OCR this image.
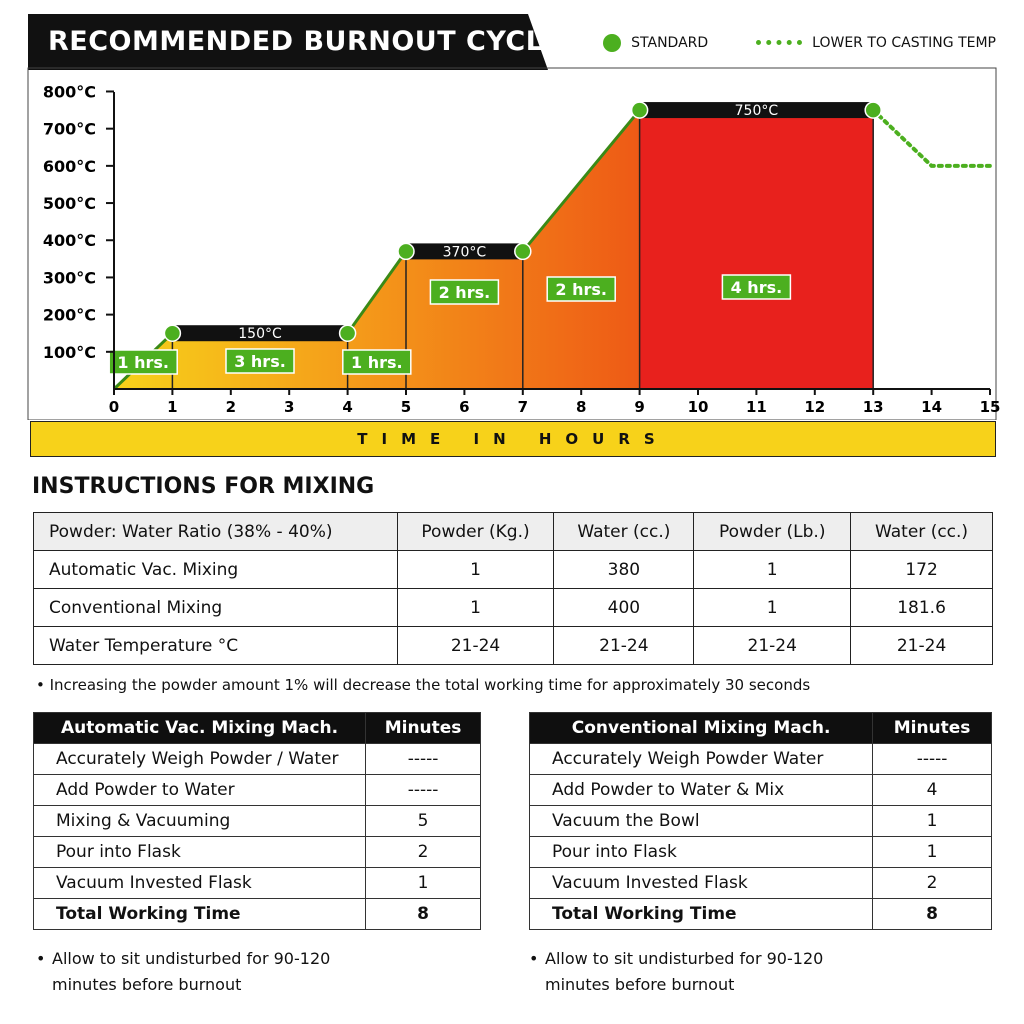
RECOMMENDED BURNOUT CYCLES	STANDARD	LOWER TO CASTING TEMP
150°C
370°C
750°C
1 hrs.	3 hrs.	1 hrs.
2 hrs.	2 hrs.	4 hrs.
100°C
200°C
300°C
400°C
500°C
600°C
700°C
800°C
0	1	2	3	4	5	6	7	8	9	10	11	12	13	14	15
TIME IN HOURS
INSTRUCTIONS FOR MIXING
Powder: Water Ratio (38% - 40%)	Powder (Kg.)	Water (cc.)	Powder (Lb.)	Water (cc.)
Automatic Vac. Mixing	1	380	1	172
Conventional Mixing	1	400	1	181.6
Water Temperature °C	21-24	21-24	21-24	21-24
• Increasing the powder amount 1% will decrease the total working time for approximately 30 seconds
Automatic Vac. Mixing Mach.	Minutes
Accurately Weigh Powder / Water	-----
Add Powder to Water	-----
Mixing & Vacuuming	5
Pour into Flask	2
Vacuum Invested Flask	1
Total Working Time	8
Conventional Mixing Mach.	Minutes
Accurately Weigh Powder Water	-----
Add Powder to Water & Mix	4
Vacuum the Bowl	1
Pour into Flask	1
Vacuum Invested Flask	2
Total Working Time	8
• Allow to sit undisturbed for 90-120 minutes before burnout
• Allow to sit undisturbed for 90-120 minutes before burnout
